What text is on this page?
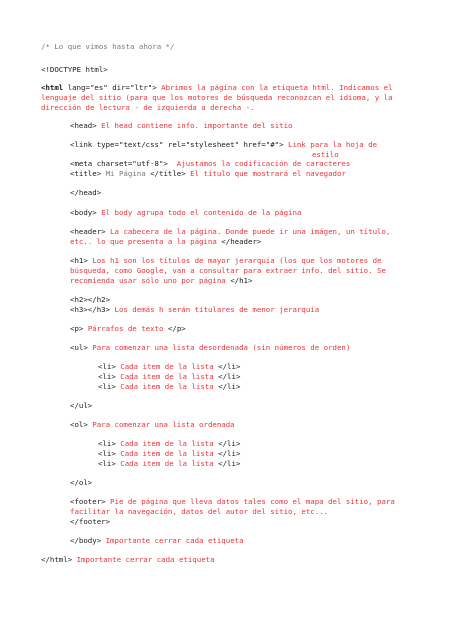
/* Lo que vimos hasta ahora */
<!DOCTYPE html>
<html lang="es" dir="ltr"> Abrimos la página con la etiqueta html. Indicamos el
lenguaje del sitio (para que los motores de búsqueda reconozcan el idioma, y la
dirección de lectura - de izquierda a derecha -.
<head> El head contiene info. importante del sitio
<link type="text/css" rel="stylesheet" href="#"> Link para la hoja de
estilo
<meta charset="utf-8">  Ajustamos la codificación de caracteres
<title> Mi Página </title> El título que mostrará el navegador
</head>
<body> El body agrupa todo el contenido de la página
<header> La cabecera de la página. Donde puede ir una imágen, un título,
etc.. lo que presenta a la página </header>
<h1> Los h1 son los títulos de mayor jerarquía (los que los motores de
búsqueda, como Google, van a consultar para extraer info. del sitio. Se
recomienda usar sólo uno por página </h1>
<h2></h2>
<h3></h3> Los demás h serán titulares de menor jerarquía
<p> Párrafos de texto </p>
<ul> Para comenzar una lista desordenada (sin números de orden)
<li> Cada item de la lista </li>
<li> Cada item de la lista </li>
<li> Cada item de la lista </li>
</ul>
<ol> Para comenzar una lista ordenada
<li> Cada item de la lista </li>
<li> Cada item de la lista </li>
<li> Cada item de la lista </li>
</ol>
<footer> Pie de página que lleva datos tales como el mapa del sitio, para
facilitar la navegación, datos del autor del sitio, etc...
</footer>
</body> Importante cerrar cada etiqueta
</html> Importante cerrar cada etiqueta
